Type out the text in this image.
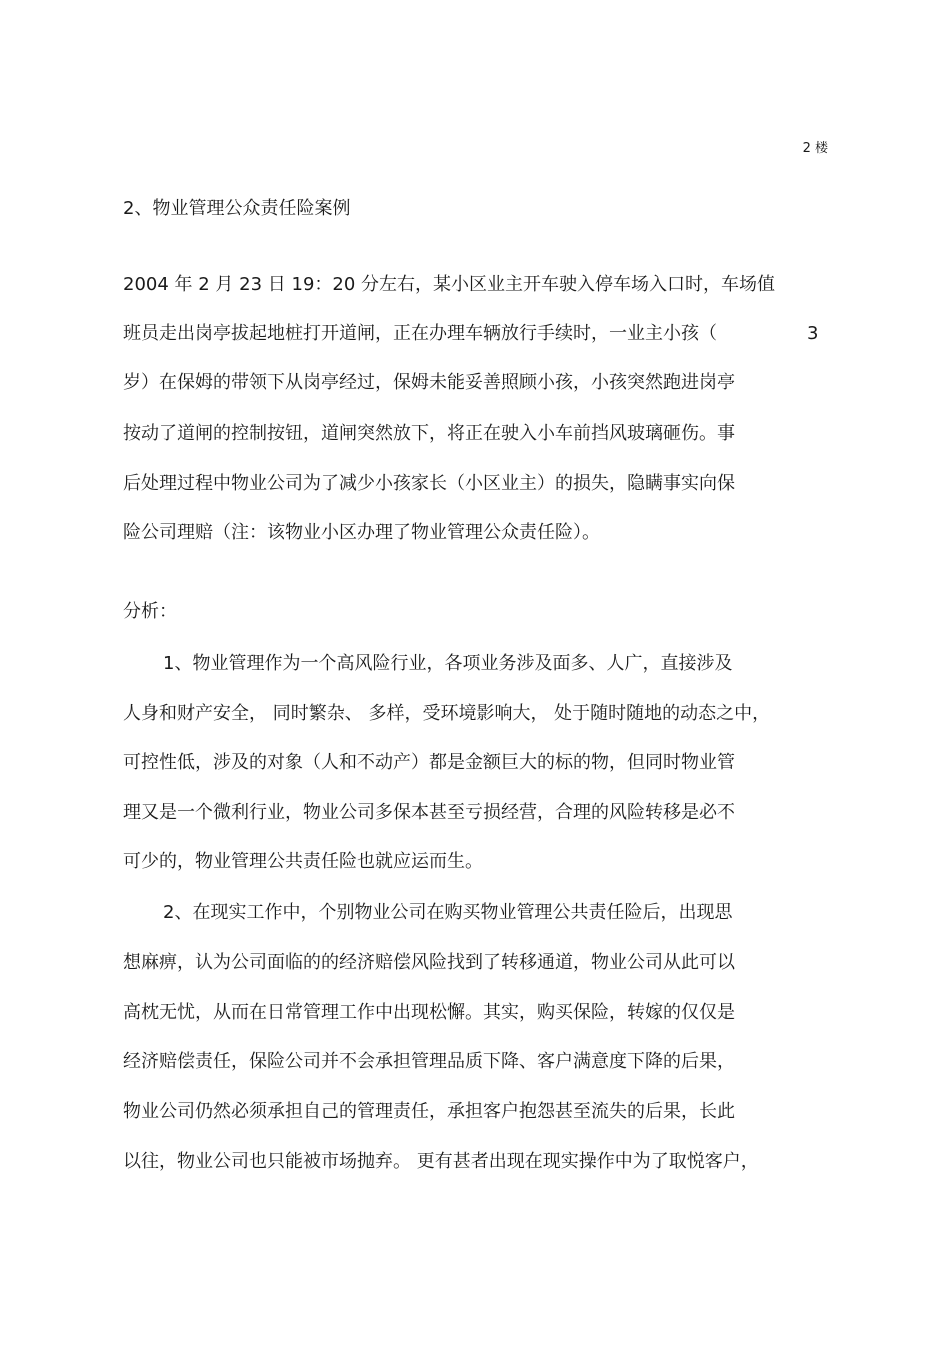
2 楼
2、物业管理公众责任险案例
2004 年 2 月 23 日 19：20 分左右，某小区业主开车驶入停车场入口时，车场值
班员走出岗亭拔起地桩打开道闸，正在办理车辆放行手续时，一业主小孩（	3
岁）在保姆的带领下从岗亭经过，保姆未能妥善照顾小孩，小孩突然跑进岗亭
按动了道闸的控制按钮，道闸突然放下，将正在驶入小车前挡风玻璃砸伤。事
后处理过程中物业公司为了减少小孩家长（小区业主）的损失，隐瞒事实向保
险公司理赔（注：该物业小区办理了物业管理公众责任险）。
分析：
1、物业管理作为一个高风险行业，各项业务涉及面多、人广，直接涉及
人身和财产安全， 同时繁杂、 多样，受环境影响大， 处于随时随地的动态之中，
可控性低，涉及的对象（人和不动产）都是金额巨大的标的物，但同时物业管
理又是一个微利行业，物业公司多保本甚至亏损经营，合理的风险转移是必不
可少的，物业管理公共责任险也就应运而生。
2、在现实工作中，个别物业公司在购买物业管理公共责任险后，出现思
想麻痹，认为公司面临的的经济赔偿风险找到了转移通道，物业公司从此可以
高枕无忧，从而在日常管理工作中出现松懈。其实，购买保险，转嫁的仅仅是
经济赔偿责任，保险公司并不会承担管理品质下降、客户满意度下降的后果，
物业公司仍然必须承担自己的管理责任，承担客户抱怨甚至流失的后果，长此
以往，物业公司也只能被市场抛弃。 更有甚者出现在现实操作中为了取悦客户，
